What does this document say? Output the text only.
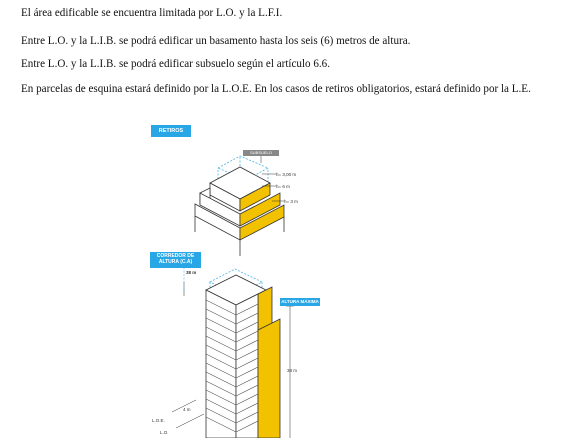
El área edificable se encuentra limitada por L.O. y la L.F.I.

Entre L.O. y la L.I.B. se podrá edificar un basamento hasta los seis (6) metros de altura.

Entre L.O. y la L.I.B. se podrá edificar subsuelo según el artículo 6.6.

En parcelas de esquina estará definido por la L.O.E. En los casos de retiros obligatorios, estará definido por la L.E.

RETIROS
CORREDOR DE
ALTURA (C.A)
ALTURA MÁXIMA
SUBSUELO
38 m
38 m
h= 3,00 m
h= 6 m
h= 3 m
4 m
L.O.E.
L.O.
